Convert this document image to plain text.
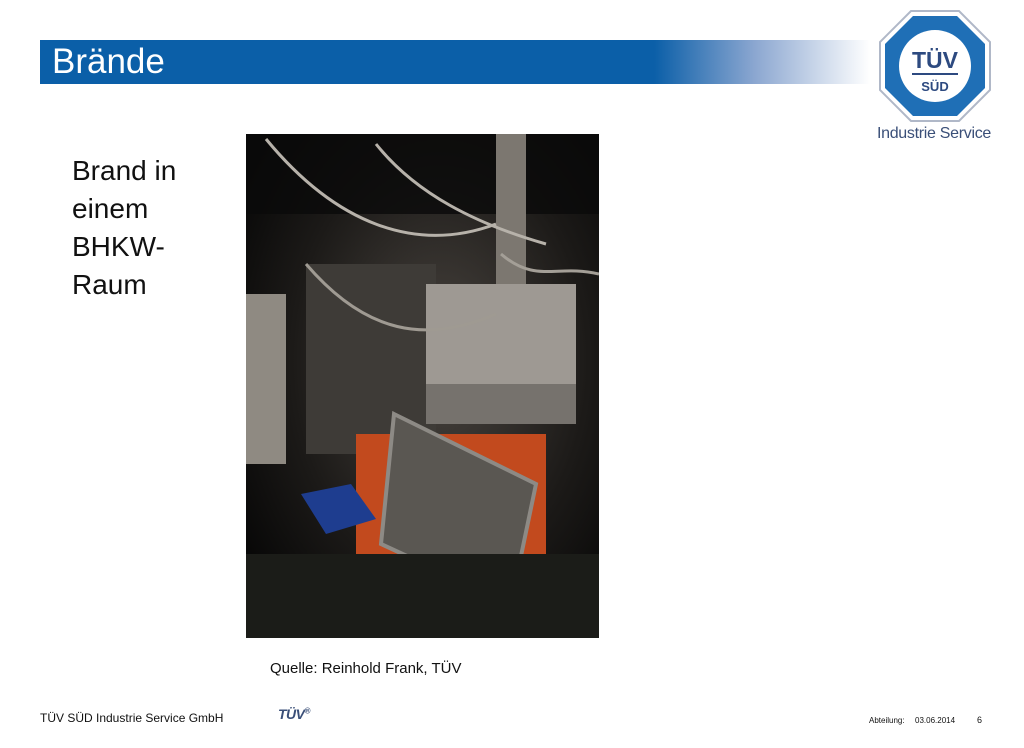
Brände	TÜV
SÜD
Industrie Service
Brand in
einem
BHKW-
Raum
Quelle: Reinhold Frank, TÜV
TÜV SÜD Industrie Service GmbH	TÜV®
Abteilung: 03.06.2014 6
